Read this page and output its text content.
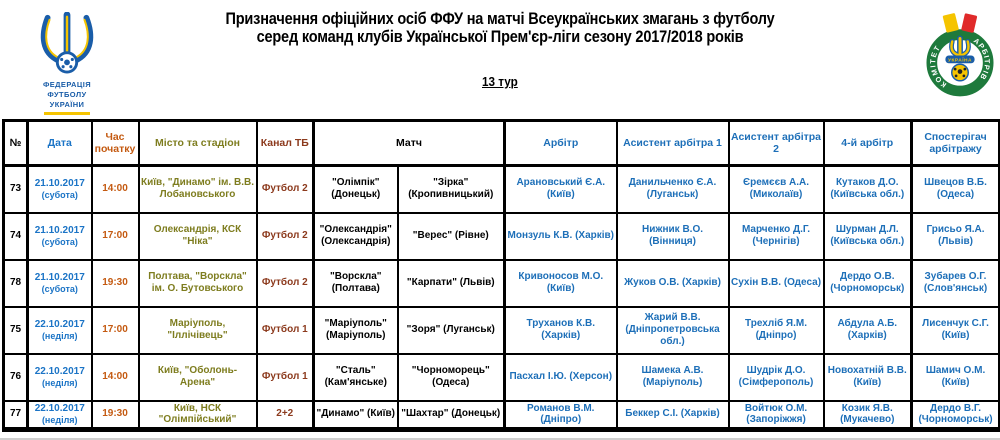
ФЕДЕРАЦІЯ
ФУТБОЛУ
УКРАЇНИ
Призначення офіційних осіб ФФУ на матчі Всеукраїнських змагань з футболу
серед команд клубів Української Прем'єр-ліги сезону 2017/2018 років
13 тур	КОМІТЕТ
АРБІТРІВ
УКРАЇНА
№	Дата	Час початку	Місто та стадіон	Канал ТБ	Матч		Арбітр	Асистент арбітра 1	Асистент арбітра 2	4-й арбітр	Спостерігач арбітражу
73	21.10.2017
(субота)	14:00	Київ, "Динамо" ім. В.В. Лобановського	Футбол 2	"Олімпік" (Донецьк)	"Зірка" (Кропивницький)	Арановський Є.А. (Київ)	Данильченко Є.А. (Луганськ)	Єремєєв А.А. (Миколаїв)	Кутаков Д.О. (Київська обл.)	Швецов В.Б. (Одеса)
74	21.10.2017
(субота)	17:00	Олександрія, КСК "Ніка"	Футбол 2	"Олександрія" (Олександрія)	"Верес" (Рівне)	Монзуль К.В. (Харків)	Нижник В.О. (Вінниця)	Марченко Д.Г. (Чернігів)	Шурман Д.Л. (Київська обл.)	Грисьо Я.А. (Львів)
78	21.10.2017
(субота)	19:30	Полтава, "Ворскла" ім. О. Бутовського	Футбол 2	"Ворскла" (Полтава)	"Карпати" (Львів)	Кривоносов М.О. (Київ)	Жуков О.В. (Харків)	Сухін В.В. (Одеса)	Дердо О.В. (Чорноморськ)	Зубарев О.Г. (Слов'янськ)
75	22.10.2017
(неділя)	17:00	Маріуполь, "Іллічівець"	Футбол 1	"Маріуполь" (Маріуполь)	"Зоря" (Луганськ)	Труханов К.В. (Харків)	Жарий В.В. (Дніпропетровська обл.)	Трехліб Я.М. (Дніпро)	Абдула А.Б. (Харків)	Лисенчук С.Г. (Київ)
76	22.10.2017
(неділя)	14:00	Київ, "Оболонь-Арена"	Футбол 1	"Сталь" (Кам'янське)	"Чорноморець" (Одеса)	Пасхал І.Ю. (Херсон)	Шамека А.В. (Маріуполь)	Шудрік Д.О. (Сімферополь)	Новохатній В.В. (Київ)	Шамич О.М. (Київ)
77	22.10.2017
(неділя)	19:30	Київ, НСК "Олімпійський"	2+2	"Динамо" (Київ)	"Шахтар" (Донецьк)	Романов В.М. (Дніпро)	Беккер С.І. (Харків)	Войтюк О.М. (Запоріжжя)	Козик Я.В. (Мукачево)	Дердо В.Г. (Чорноморськ)
